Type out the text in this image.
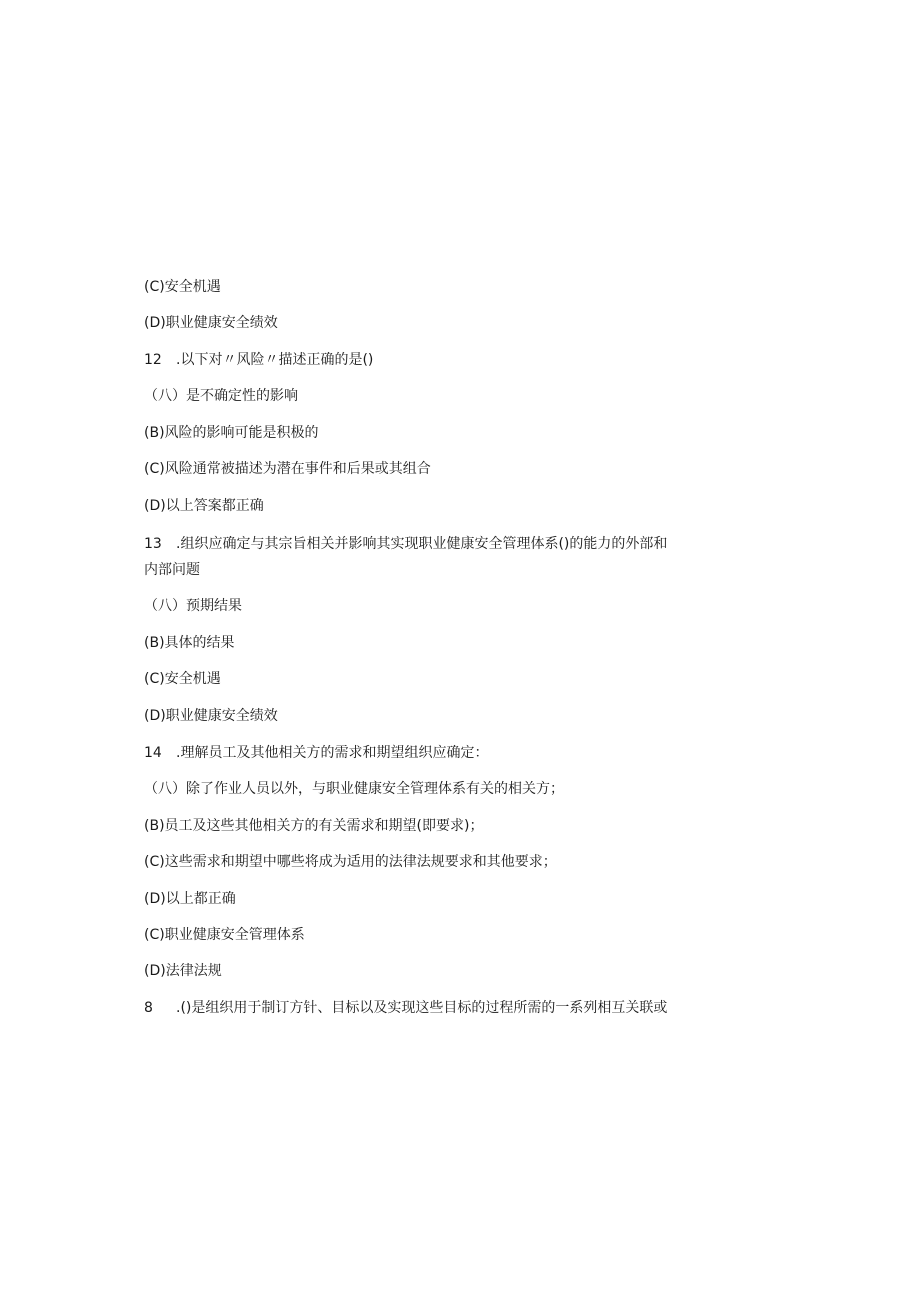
(C)安全机遇
(D)职业健康安全绩效
12 .以下对〃风险〃描述正确的是()
（八）是不确定性的影响
(B)风险的影响可能是积极的
(C)风险通常被描述为潜在事件和后果或其组合
(D)以上答案都正确
13 .组织应确定与其宗旨相关并影响其实现职业健康安全管理体系()的能力的外部和
内部问题
（八）预期结果
(B)具体的结果
(C)安全机遇
(D)职业健康安全绩效
14 .理解员工及其他相关方的需求和期望组织应确定：
（八）除了作业人员以外，与职业健康安全管理体系有关的相关方；
(B)员工及这些其他相关方的有关需求和期望(即要求)；
(C)这些需求和期望中哪些将成为适用的法律法规要求和其他要求；
(D)以上都正确
(C)职业健康安全管理体系
(D)法律法规
8 .()是组织用于制订方针、目标以及实现这些目标的过程所需的一系列相互关联或
